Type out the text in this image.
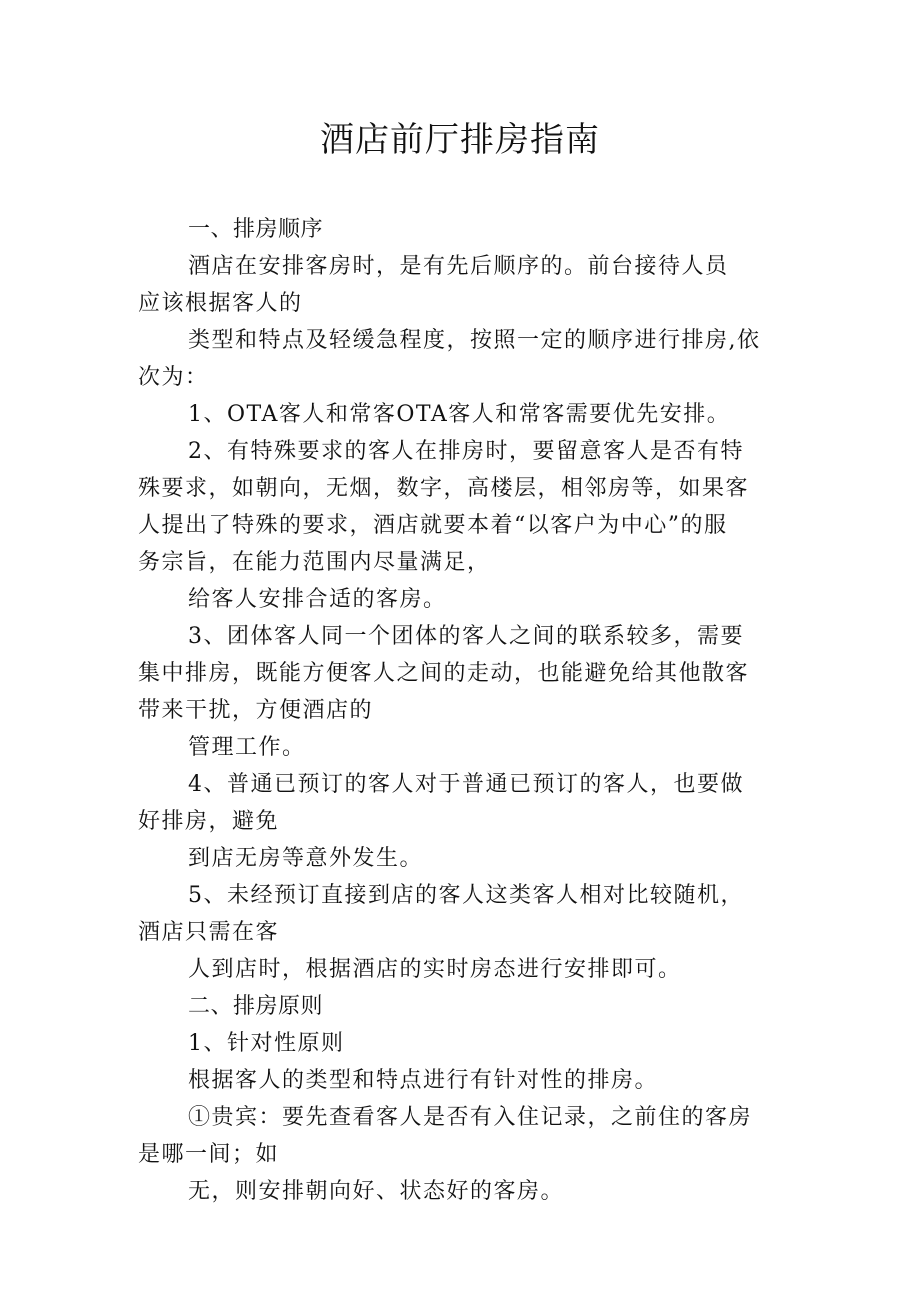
酒店前厅排房指南
一、排房顺序
酒店在安排客房时，是有先后顺序的。前台接待人员
应该根据客人的
类型和特点及轻缓急程度，按照一定的顺序进行排房,依
次为：
1、OTA客人和常客OTA客人和常客需要优先安排。
2、有特殊要求的客人在排房时，要留意客人是否有特
殊要求，如朝向，无烟，数字，高楼层，相邻房等，如果客
人提出了特殊的要求，酒店就要本着“以客户为中心”的服
务宗旨，在能力范围内尽量满足，
给客人安排合适的客房。
3、团体客人同一个团体的客人之间的联系较多，需要
集中排房，既能方便客人之间的走动，也能避免给其他散客
带来干扰，方便酒店的
管理工作。
4、普通已预订的客人对于普通已预订的客人，也要做
好排房，避免
到店无房等意外发生。
5、未经预订直接到店的客人这类客人相对比较随机，
酒店只需在客
人到店时，根据酒店的实时房态进行安排即可。
二、排房原则
1、针对性原则
根据客人的类型和特点进行有针对性的排房。
①贵宾：要先查看客人是否有入住记录，之前住的客房
是哪一间；如
无，则安排朝向好、状态好的客房。
